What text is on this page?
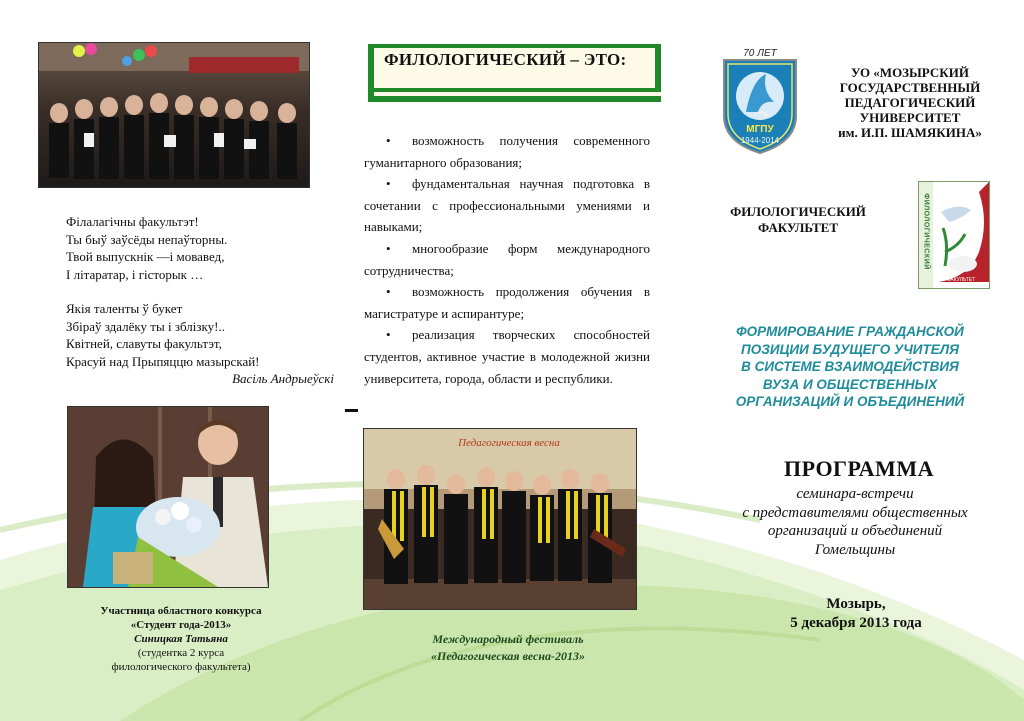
Філалагічны факультэт!

Ты быў заўсёды непаўторны.

Твой выпускнік —і мовавед,

І літаратар, і гісторык …

Якія таленты ў букет

Збіраў здалёку ты і зблізку!..

Квітней, славуты факультэт,

Красуй над Прыпяццю мазырскай!

Васіль Андрыеўскі

Участница областного конкурса
«Студент года-2013»
Синицкая Татьяна
(студентка 2 курса
филологического факультета)
ФИЛОЛОГИЧЕСКИЙ – ЭТО:

• возможность получения современного гуманитарного образования;

• фундаментальная научная подготовка в сочетании с профессиональными умениями и навыками;

• многообразие форм международного сотрудничества;

• возможность продолжения обучения в магистратуре и аспирантуре;

• реализация творческих способностей студентов, активное участие в молодежной жизни университета, города, области и республики.

Педагогическая весна
Международный фестиваль
«Педагогическая весна-2013»
70 ЛЕТ
МГПУ
1944-2014
УО «МОЗЫРСКИЙ
ГОСУДАРСТВЕННЫЙ
ПЕДАГОГИЧЕСКИЙ
УНИВЕРСИТЕТ
им. И.П. ШАМЯКИНА»
ФИЛОЛОГИЧЕСКИЙ
ФАКУЛЬТЕТ	ФИЛОЛОГИЧЕСКИЙ
ФАКУЛЬТЕТ
ФОРМИРОВАНИЕ ГРАЖДАНСКОЙ
ПОЗИЦИИ БУДУЩЕГО УЧИТЕЛЯ
В СИСТЕМЕ ВЗАИМОДЕЙСТВИЯ
ВУЗА И ОБЩЕСТВЕННЫХ
ОРГАНИЗАЦИЙ И ОБЪЕДИНЕНИЙ
ПРОГРАММА
семинара-встречи
с представителями общественных
организаций и объединений
Гомельщины
Мозырь,
5 декабря 2013 года
